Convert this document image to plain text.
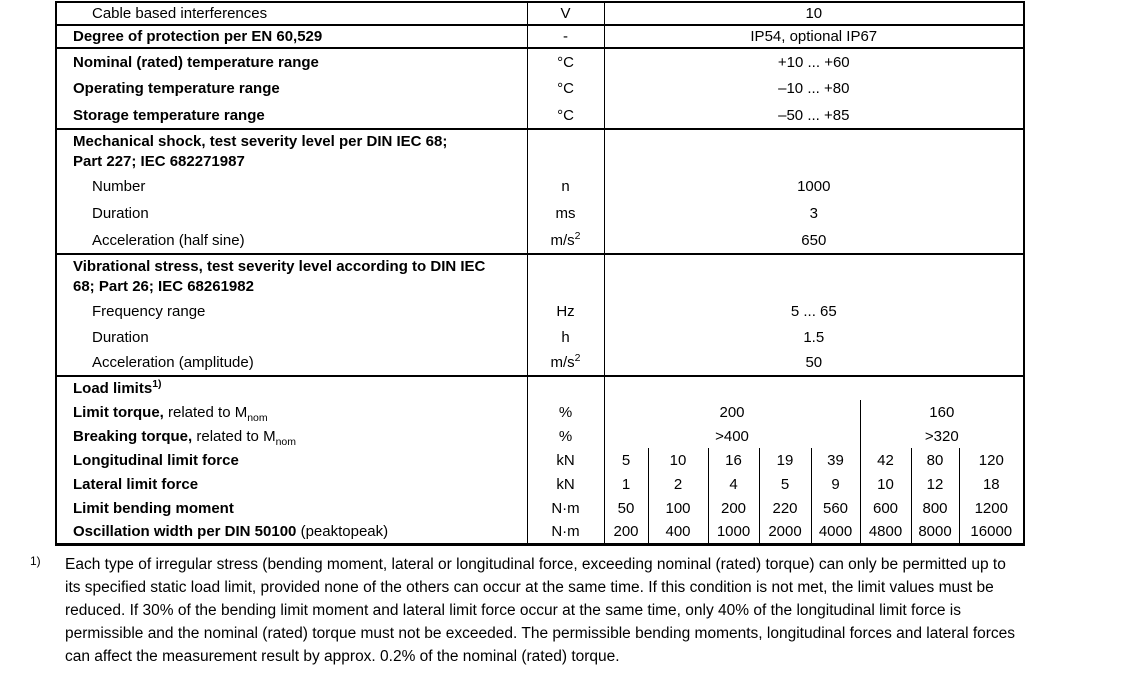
Cable based interferences	V	10							
Degree of protection per EN 60,529	-	IP54, optional IP67							
Nominal (rated) temperature range	°C	+10 ... +60							
Operating temperature range	°C	–10 ... +80							
Storage temperature range	°C	–50 ... +85							

Mechanical shock, test severity level per DIN IEC 68;
Part 227; IEC 682271987									

Number	n	1000							
Duration	ms	3							
Acceleration (half sine)	$m/s^2$	650							

Vibrational stress, test severity level according to DIN IEC
68; Part 26; IEC 68261982									

Frequency range	Hz	5 ... 65							
Duration	h	1.5							
Acceleration (amplitude)	$m/s^2$	50							
Load limits$^{1)}$		
Limit torque, related to $M_{nom}$	%	200					160		
Breaking torque, related to $M_{nom}$	%	>400					>320		
Longitudinal limit force	kN	5	10	16	19	39	42	80	120
Lateral limit force	kN	1	2	4	5	9	10	12	18
Limit bending moment	N·m	50	100	200	220	560	600	800	1200
Oscillation width per DIN 50100 (peaktopeak)	N·m	200	400	1000	2000	4000	4800	8000	16000
1)	Each type of irregular stress (bending moment, lateral or longitudinal force, exceeding nominal (rated) torque) can only be permitted up to
its specified static load limit, provided none of the others can occur at the same time. If this condition is not met, the limit values must be
reduced. If 30% of the bending limit moment and lateral limit force occur at the same time, only 40% of the longitudinal limit force is
permissible and the nominal (rated) torque must not be exceeded. The permissible bending moments, longitudinal forces and lateral forces
can affect the measurement result by approx. 0.2% of the nominal (rated) torque.
